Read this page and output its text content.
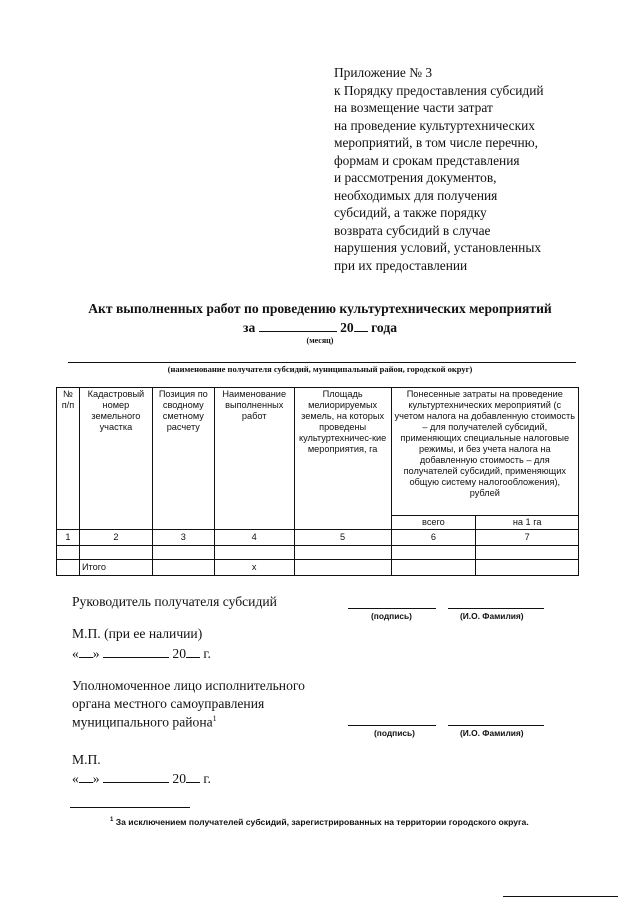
Приложение № 3
к Порядку предоставления субсидий
на возмещение части затрат
на проведение культуртехнических
мероприятий, в том числе перечню,
формам и срокам представления
и рассмотрения документов,
необходимых для получения
субсидий, а также порядку
возврата субсидий в случае
нарушения условий, установленных
при их предоставлении
Акт выполненных работ по проведению культуртехнических мероприятий
за	20 года
(месяц)
(наименование получателя субсидий, муниципальный район, городской округ)
№ п/п	Кадастровый номер земельного участка	Позиция по сводному сметному расчету	Наименование выполненных работ	Площадь мелиорируемых земель, на которых проведены культуртехничес-кие мероприятия, га	Понесенные затраты на проведение культуртехнических мероприятий (с учетом налога на добавленную стоимость – для получателей субсидий, применяющих специальные налоговые режимы, и без учета налога на добавленную стоимость – для получателей субсидий, применяющих общую систему налогообложения), рублей	
					всего	на 1 га
1	2	3	4	5	6	7

	Итого		x			
Руководитель получателя субсидий
(подпись)	(И.О. Фамилия)
М.П. (при ее наличии)
« »	20 г.
Уполномоченное лицо исполнительного
органа местного самоуправления
муниципального района$^1$
(подпись)	(И.О. Фамилия)
М.П.
« »	20 г.
$^1$ За исключением получателей субсидий, зарегистрированных на территории городского округа.
